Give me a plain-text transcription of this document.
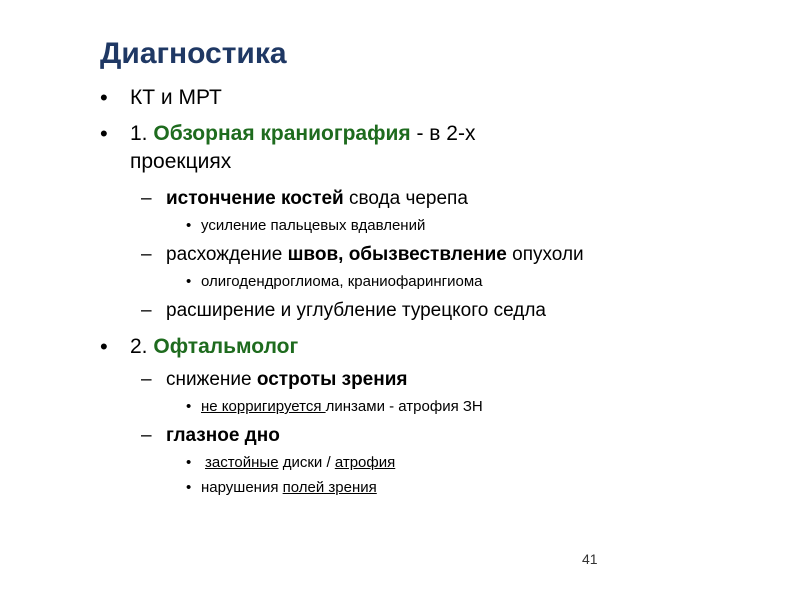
Диагностика
• КТ и МРТ
• 1. Обзорная краниография - в 2-х
проекциях
– истончение костей свода черепа
• усиление пальцевых вдавлений
– расхождение швов, обызвествление опухоли
• олигодендроглиома, краниофарингиома
– расширение и углубление турецкого седла
• 2. Офтальмолог
– снижение остроты зрения
• не корригируется линзами - атрофия ЗН
– глазное дно
• застойные диски / атрофия
• нарушения полей зрения
41
